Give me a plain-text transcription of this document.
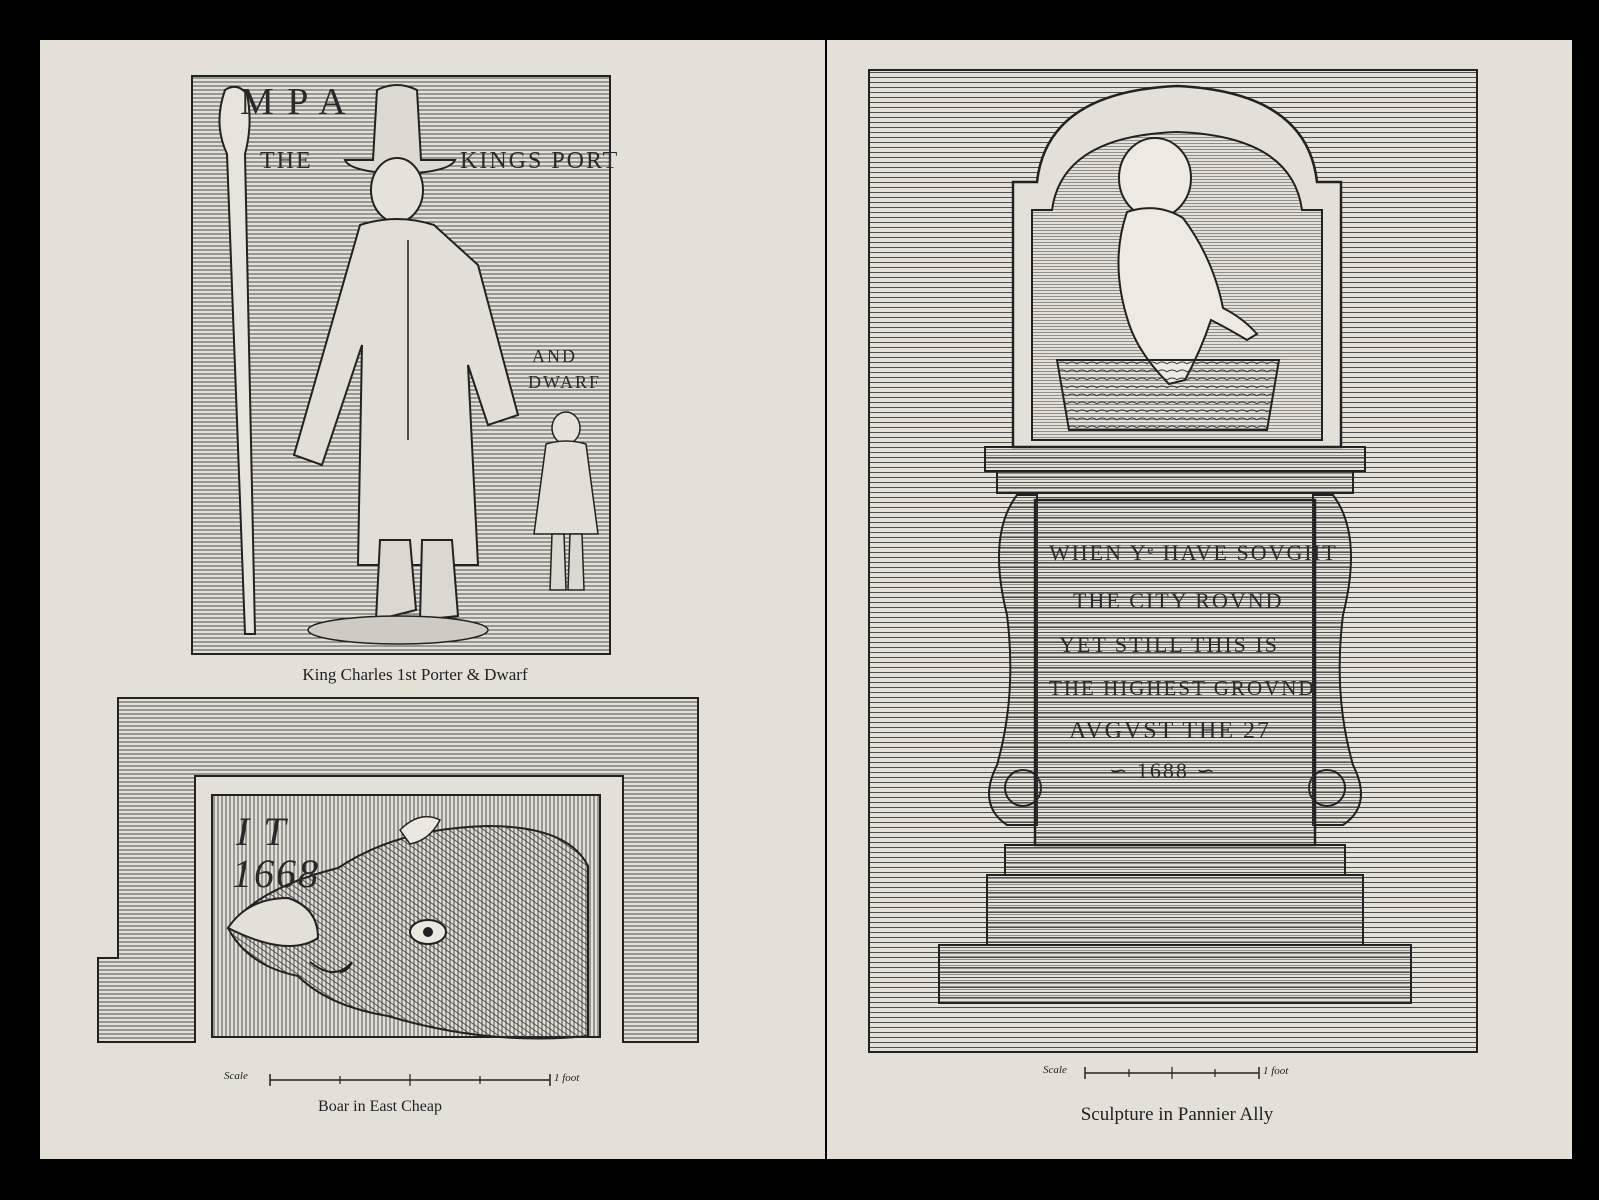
M P A
THE	KINGS PORT
AND
DWARF
King Charles 1st Porter & Dwarf
I T
1668
Scale	1 foot
Boar in East Cheap
WHEN Yᵉ HAVE SOVGHT
THE CITY ROVND
YET STILL THIS IS
THE HIGHEST GROVND
AVGVST THE 27
∽ 1688 ∽
Scale	1 foot
Sculpture in Pannier Ally
